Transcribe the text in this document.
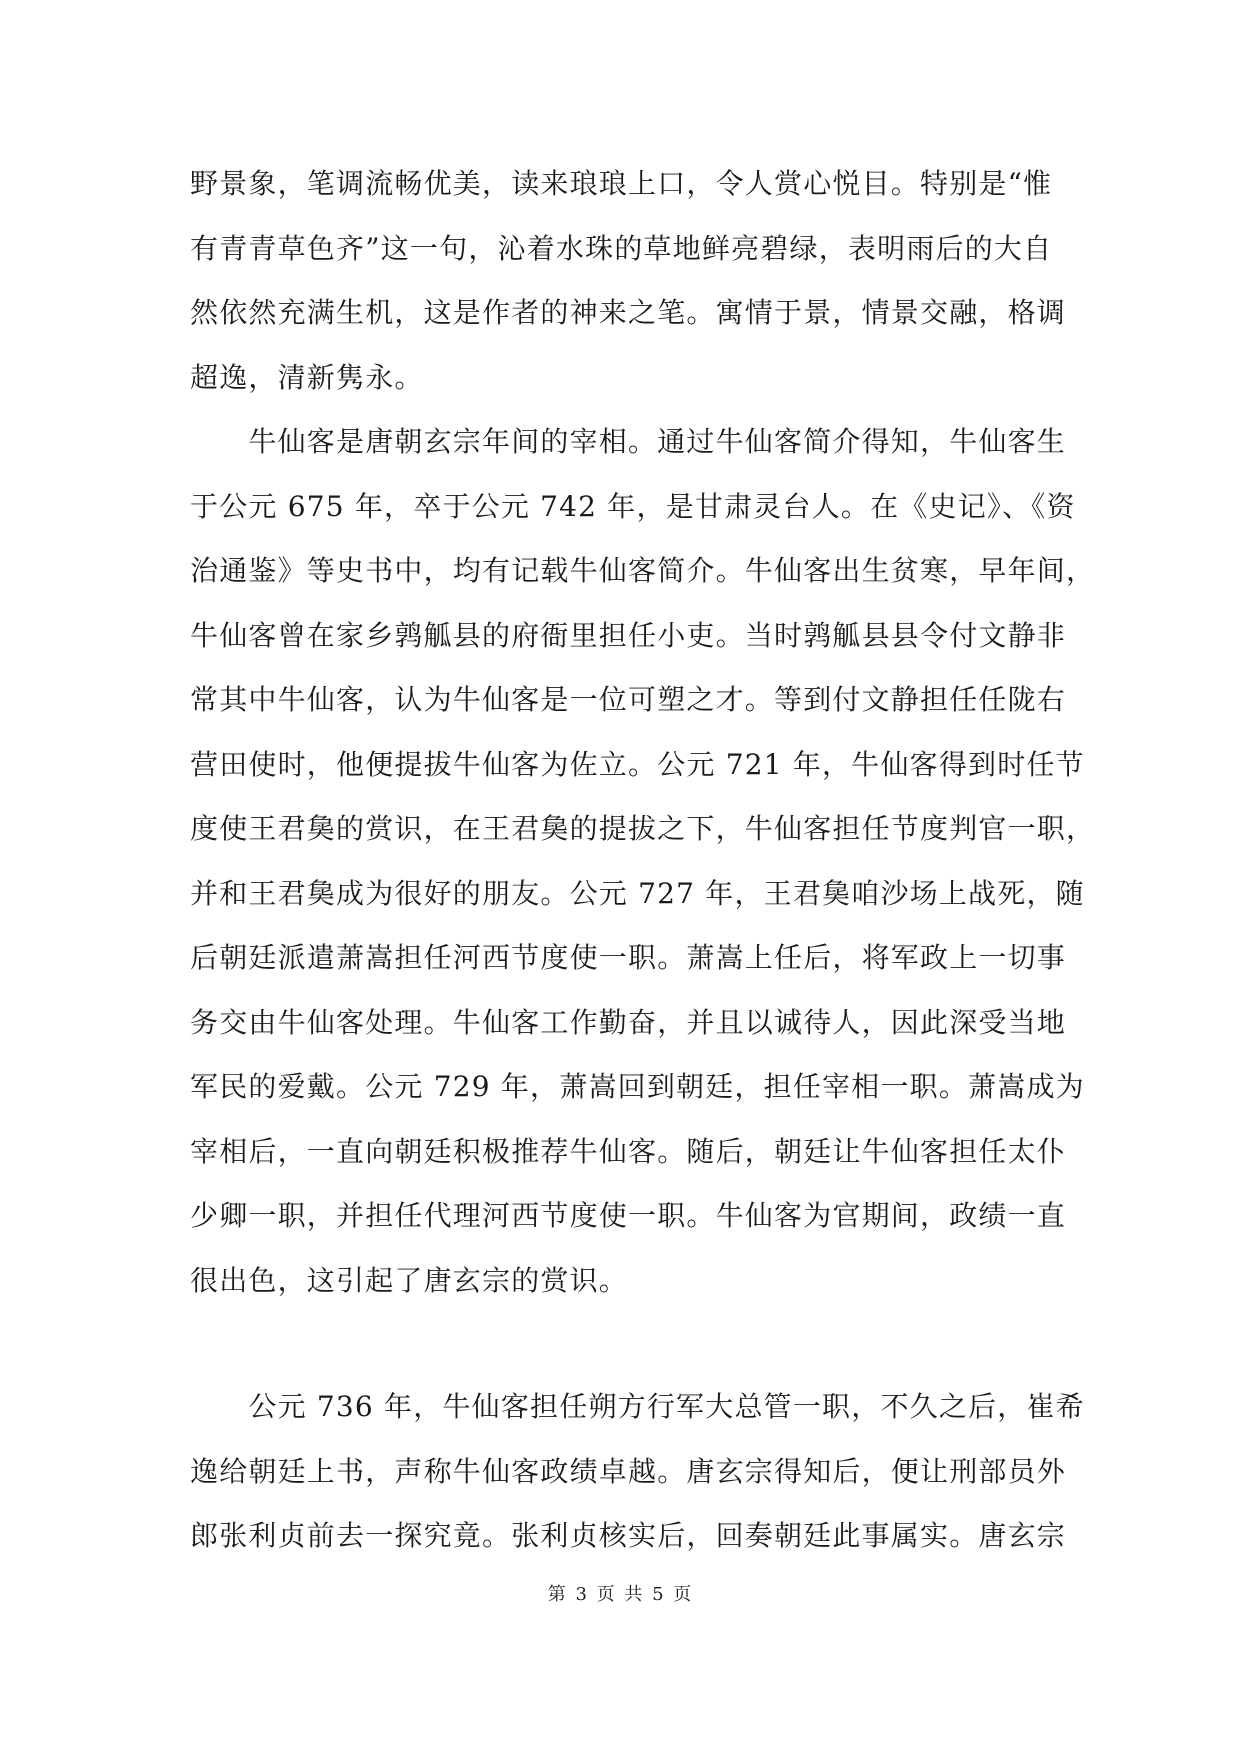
野景象，笔调流畅优美，读来琅琅上口，令人赏心悦目。特别是“惟
有青青草色齐”这一句，沁着水珠的草地鲜亮碧绿，表明雨后的大自
然依然充满生机，这是作者的神来之笔。寓情于景，情景交融，格调
超逸，清新隽永。
　　牛仙客是唐朝玄宗年间的宰相。通过牛仙客简介得知，牛仙客生
于公元 675 年，卒于公元 742 年，是甘肃灵台人。在《史记》、《资
治通鉴》等史书中，均有记载牛仙客简介。牛仙客出生贫寒，早年间，
牛仙客曾在家乡鹑觚县的府衙里担任小吏。当时鹑觚县县令付文静非
常其中牛仙客，认为牛仙客是一位可塑之才。等到付文静担任任陇右
营田使时，他便提拔牛仙客为佐立。公元 721 年，牛仙客得到时任节
度使王君㚟的赏识，在王君㚟的提拔之下，牛仙客担任节度判官一职，
并和王君㚟成为很好的朋友。公元 727 年，王君㚟咱沙场上战死，随
后朝廷派遣萧嵩担任河西节度使一职。萧嵩上任后，将军政上一切事
务交由牛仙客处理。牛仙客工作勤奋，并且以诚待人，因此深受当地
军民的爱戴。公元 729 年，萧嵩回到朝廷，担任宰相一职。萧嵩成为
宰相后，一直向朝廷积极推荐牛仙客。随后，朝廷让牛仙客担任太仆
少卿一职，并担任代理河西节度使一职。牛仙客为官期间，政绩一直
很出色，这引起了唐玄宗的赏识。
　　公元 736 年，牛仙客担任朔方行军大总管一职，不久之后，崔希
逸给朝廷上书，声称牛仙客政绩卓越。唐玄宗得知后，便让刑部员外
郎张利贞前去一探究竟。张利贞核实后，回奏朝廷此事属实。唐玄宗
第 3 页 共 5 页
